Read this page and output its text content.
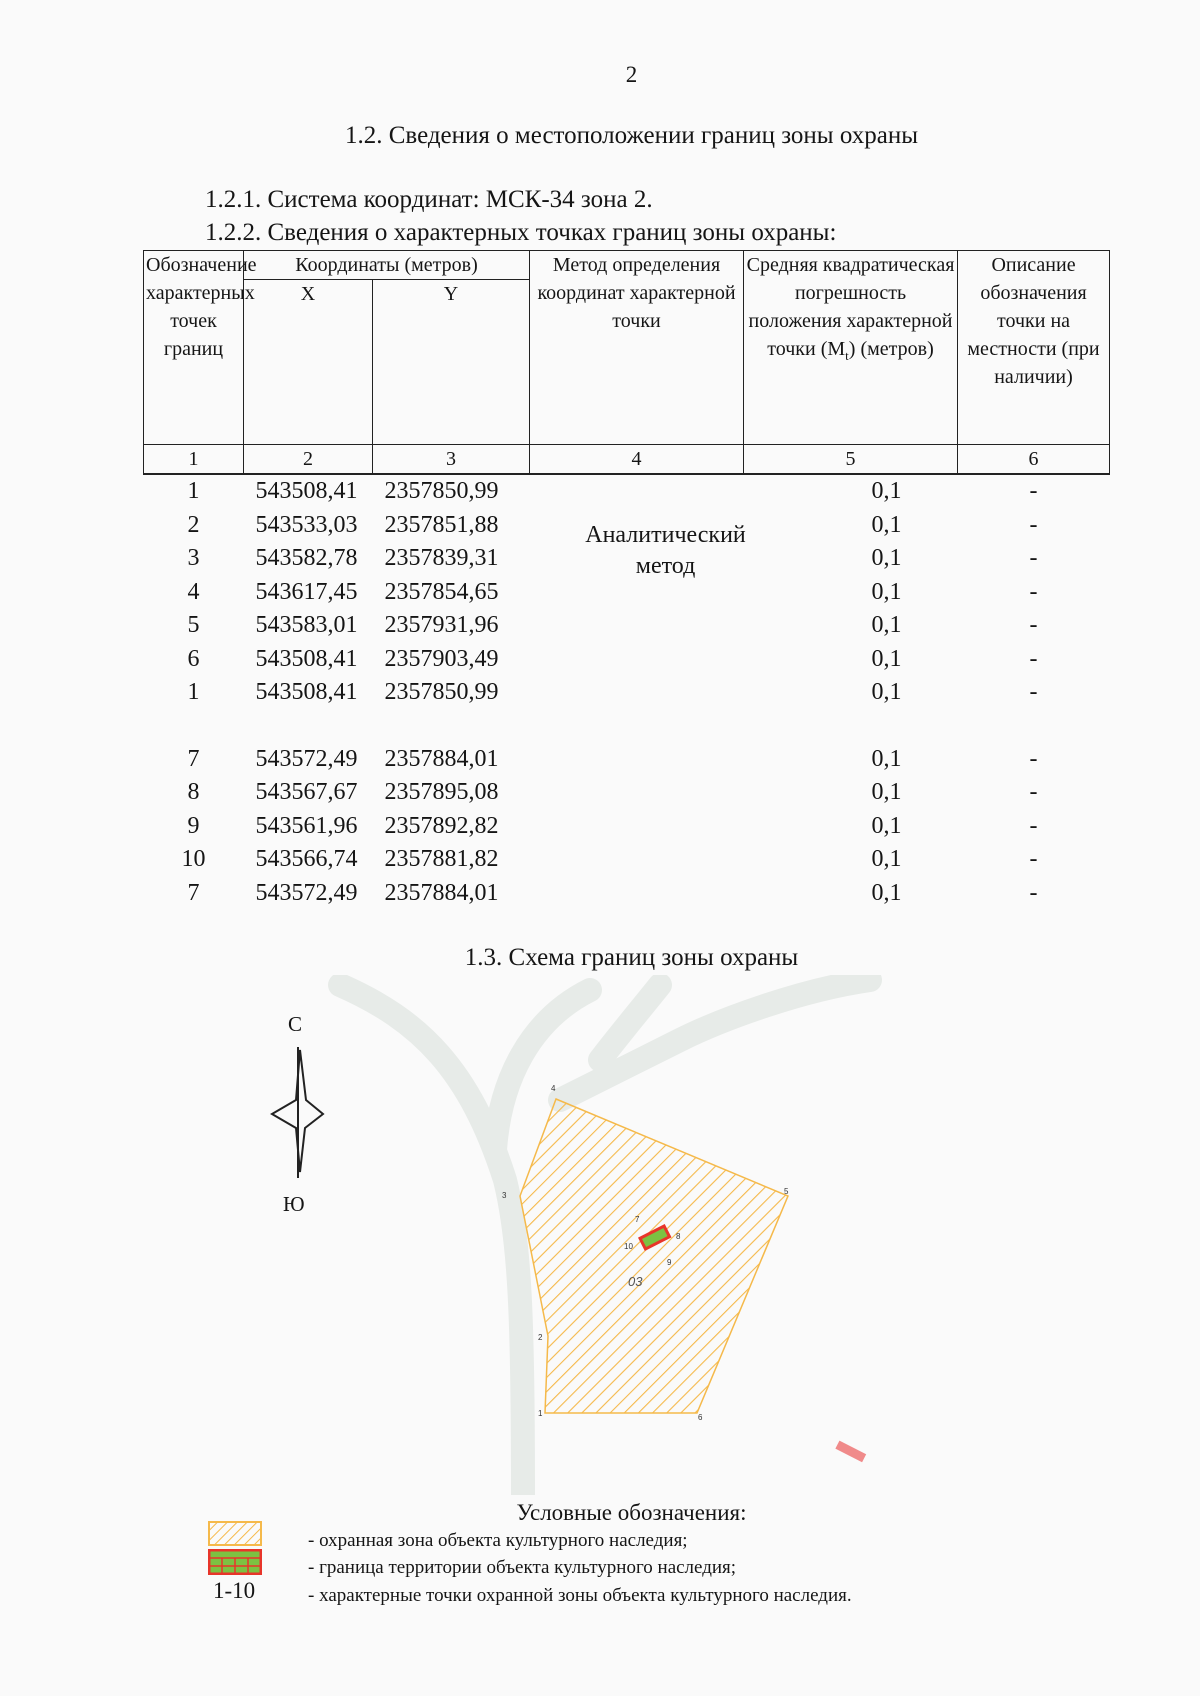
2
1.2. Сведения о местоположении границ зоны охраны
1.2.1. Система координат: МСК-34 зона 2.
1.2.2. Сведения о характерных точках границ зоны охраны:
Обозначение характерных точек границ	Координаты (метров)		Метод определения координат характерной точки	Средняя квадратическая погрешность положения характерной точки $(M_t)$ (метров)	Описание обозначения точки на местности (при наличии)
	X	Y			
1	2	3	4	5	6
1	543508,41	2357850,99	Аналитический метод	0,1	-
2	543533,03	2357851,88		0,1	-
3	543582,78	2357839,31		0,1	-
4	543617,45	2357854,65		0,1	-
5	543583,01	2357931,96		0,1	-
6	543508,41	2357903,49		0,1	-
1	543508,41	2357850,99		0,1	-

7	543572,49	2357884,01		0,1	-
8	543567,67	2357895,08		0,1	-
9	543561,96	2357892,82		0,1	-
10	543566,74	2357881,82		0,1	-
7	543572,49	2357884,01		0,1	-
1.3. Схема границ зоны охраны
4
5
3
2
1	6
7
8
9
10
03
С
Ю
Условные обозначения:
1-10
- охранная зона объекта культурного наследия;
- граница территории объекта культурного наследия;
- характерные точки охранной зоны объекта культурного наследия.
